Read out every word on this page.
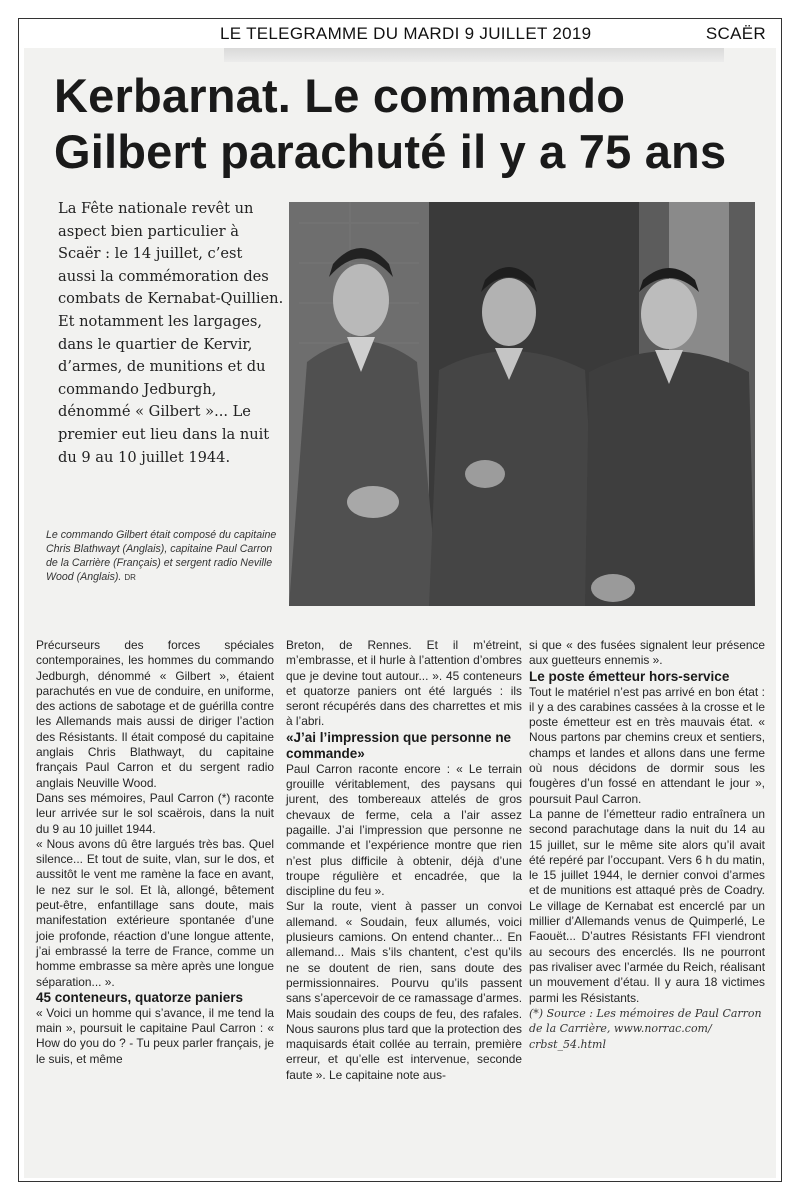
LE TELEGRAMME DU MARDI 9 JUILLET 2019	SCAËR
Kerbarnat. Le commando Gilbert parachuté il y a 75 ans

La Fête nationale revêt un aspect bien particulier à Scaër : le 14 juillet, c’est aussi la commémoration des combats de Kernabat-Quillien. Et notamment les largages, dans le quartier de Kervir, d’armes, de munitions et du commando Jedburgh, dénommé « Gilbert »... Le premier eut lieu dans la nuit du 9 au 10 juillet 1944.

Le commando Gilbert était composé du capitaine Chris Blathwayt (Anglais), capitaine Paul Carron de la Carrière (Français) et sergent radio Neville Wood (Anglais). DR

Précurseurs des forces spéciales contemporaines, les hommes du commando Jedburgh, dénommé « Gilbert », étaient parachutés en vue de conduire, en uniforme, des actions de sabotage et de guérilla contre les Allemands mais aussi de diriger l’action des Résistants. Il était composé du capitaine anglais Chris Blathwayt, du capitaine français Paul Carron et du sergent radio anglais Neuville Wood.

Dans ses mémoires, Paul Carron (*) raconte leur arrivée sur le sol scaërois, dans la nuit du 9 au 10 juillet 1944.

« Nous avons dû être largués très bas. Quel silence... Et tout de suite, vlan, sur le dos, et aussitôt le vent me ramène la face en avant, le nez sur le sol. Et là, allongé, bêtement peut-être, enfantillage sans doute, mais manifestation extérieure spontanée d’une joie profonde, réaction d’une longue attente, j’ai embrassé la terre de France, comme un homme embrasse sa mère après une longue séparation... ».

45 conteneurs, quatorze paniers

« Voici un homme qui s’avance, il me tend la main », poursuit le capitaine Paul Carron : « How do you do ? - Tu peux parler français, je le suis, et même

Breton, de Rennes. Et il m’étreint, m’embrasse, et il hurle à l’attention d’ombres que je devine tout autour... ». 45 conteneurs et quatorze paniers ont été largués : ils seront récupérés dans des charrettes et mis à l’abri.

«J’ai l’impression que personne ne commande»

Paul Carron raconte encore : « Le terrain grouille véritablement, des paysans qui jurent, des tombereaux attelés de gros chevaux de ferme, cela a l’air assez pagaille. J’ai l’impression que personne ne commande et l’expérience montre que rien n’est plus difficile à obtenir, déjà d’une troupe régulière et encadrée, que la discipline du feu ».

Sur la route, vient à passer un convoi allemand. « Soudain, feux allumés, voici plusieurs camions. On entend chanter... En allemand... Mais s’ils chantent, c’est qu’ils ne se doutent de rien, sans doute des permissionnaires. Pourvu qu’ils passent sans s’apercevoir de ce ramassage d’armes. Mais soudain des coups de feu, des rafales. Nous saurons plus tard que la protection des maquisards était collée au terrain, première erreur, et qu’elle est intervenue, seconde faute ». Le capitaine note aus-

si que « des fusées signalent leur présence aux guetteurs ennemis ».

Le poste émetteur hors-service

Tout le matériel n’est pas arrivé en bon état : il y a des carabines cassées à la crosse et le poste émetteur est en très mauvais état. « Nous partons par chemins creux et sentiers, champs et landes et allons dans une ferme où nous décidons de dormir sous les fougères d’un fossé en attendant le jour », poursuit Paul Carron.

La panne de l’émetteur radio entraînera un second parachutage dans la nuit du 14 au 15 juillet, sur le même site alors qu’il avait été repéré par l’occupant. Vers 6 h du matin, le 15 juillet 1944, le dernier convoi d’armes et de munitions est attaqué près de Coadry. Le village de Kernabat est encerclé par un millier d’Allemands venus de Quimperlé, Le Faouët... D’autres Résistants FFI viendront au secours des encerclés. Ils ne pourront pas rivaliser avec l’armée du Reich, réalisant un mouvement d’étau. Il y aura 18 victimes parmi les Résistants.

(*) Source : Les mémoires de Paul Carron de la Carrière, www.norrac.com/ crbst_54.html
